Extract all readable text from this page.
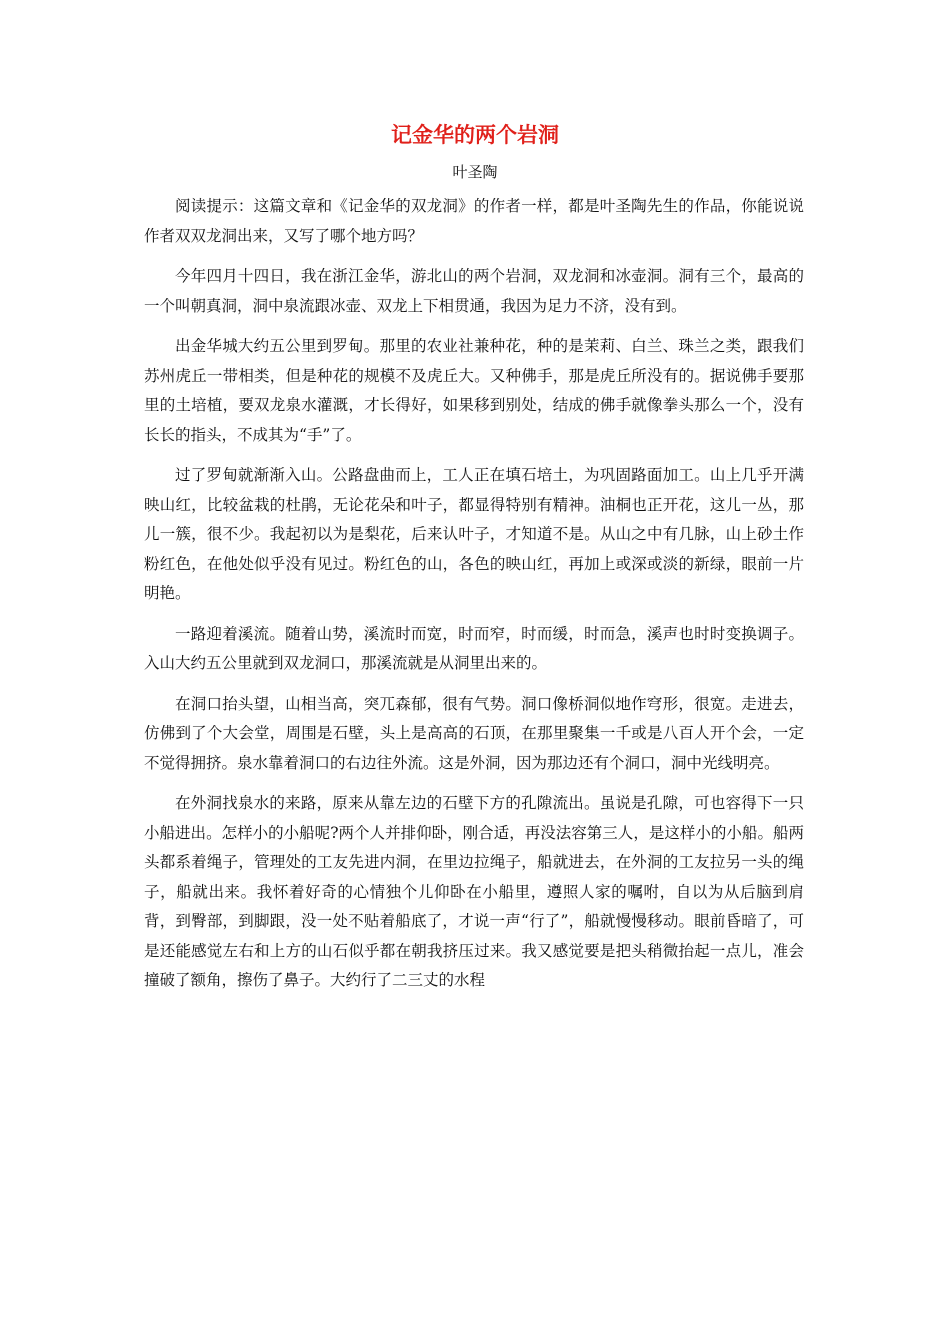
记金华的两个岩洞
叶圣陶

阅读提示：这篇文章和《记金华的双龙洞》的作者一样，都是叶圣陶先生的作品，你能说说作者双双龙洞出来，又写了哪个地方吗？

今年四月十四日，我在浙江金华，游北山的两个岩洞，双龙洞和冰壶洞。洞有三个，最高的一个叫朝真洞，洞中泉流跟冰壶、双龙上下相贯通，我因为足力不济，没有到。

出金华城大约五公里到罗甸。那里的农业社兼种花，种的是茉莉、白兰、珠兰之类，跟我们苏州虎丘一带相类，但是种花的规模不及虎丘大。又种佛手，那是虎丘所没有的。据说佛手要那里的土培植，要双龙泉水灌溉，才长得好，如果移到别处，结成的佛手就像拳头那么一个，没有长长的指头，不成其为“手”了。

过了罗甸就渐渐入山。公路盘曲而上，工人正在填石培土，为巩固路面加工。山上几乎开满映山红，比较盆栽的杜鹃，无论花朵和叶子，都显得特别有精神。油桐也正开花，这儿一丛，那儿一簇，很不少。我起初以为是梨花，后来认叶子，才知道不是。从山之中有几脉，山上砂土作粉红色，在他处似乎没有见过。粉红色的山，各色的映山红，再加上或深或淡的新绿，眼前一片明艳。

一路迎着溪流。随着山势，溪流时而宽，时而窄，时而缓，时而急，溪声也时时变换调子。入山大约五公里就到双龙洞口，那溪流就是从洞里出来的。

在洞口抬头望，山相当高，突兀森郁，很有气势。洞口像桥洞似地作穹形，很宽。走进去，仿佛到了个大会堂，周围是石壁，头上是高高的石顶，在那里聚集一千或是八百人开个会，一定不觉得拥挤。泉水靠着洞口的右边往外流。这是外洞，因为那边还有个洞口，洞中光线明亮。

在外洞找泉水的来路，原来从靠左边的石壁下方的孔隙流出。虽说是孔隙，可也容得下一只小船进出。怎样小的小船呢?两个人并排仰卧，刚合适，再没法容第三人，是这样小的小船。船两头都系着绳子，管理处的工友先进内洞，在里边拉绳子，船就进去，在外洞的工友拉另一头的绳子，船就出来。我怀着好奇的心情独个儿仰卧在小船里，遵照人家的嘱咐，自以为从后脑到肩背，到臀部，到脚跟，没一处不贴着船底了，才说一声“行了”，船就慢慢移动。眼前昏暗了，可是还能感觉左右和上方的山石似乎都在朝我挤压过来。我又感觉要是把头稍微抬起一点儿，准会撞破了额角，擦伤了鼻子。大约行了二三丈的水程
